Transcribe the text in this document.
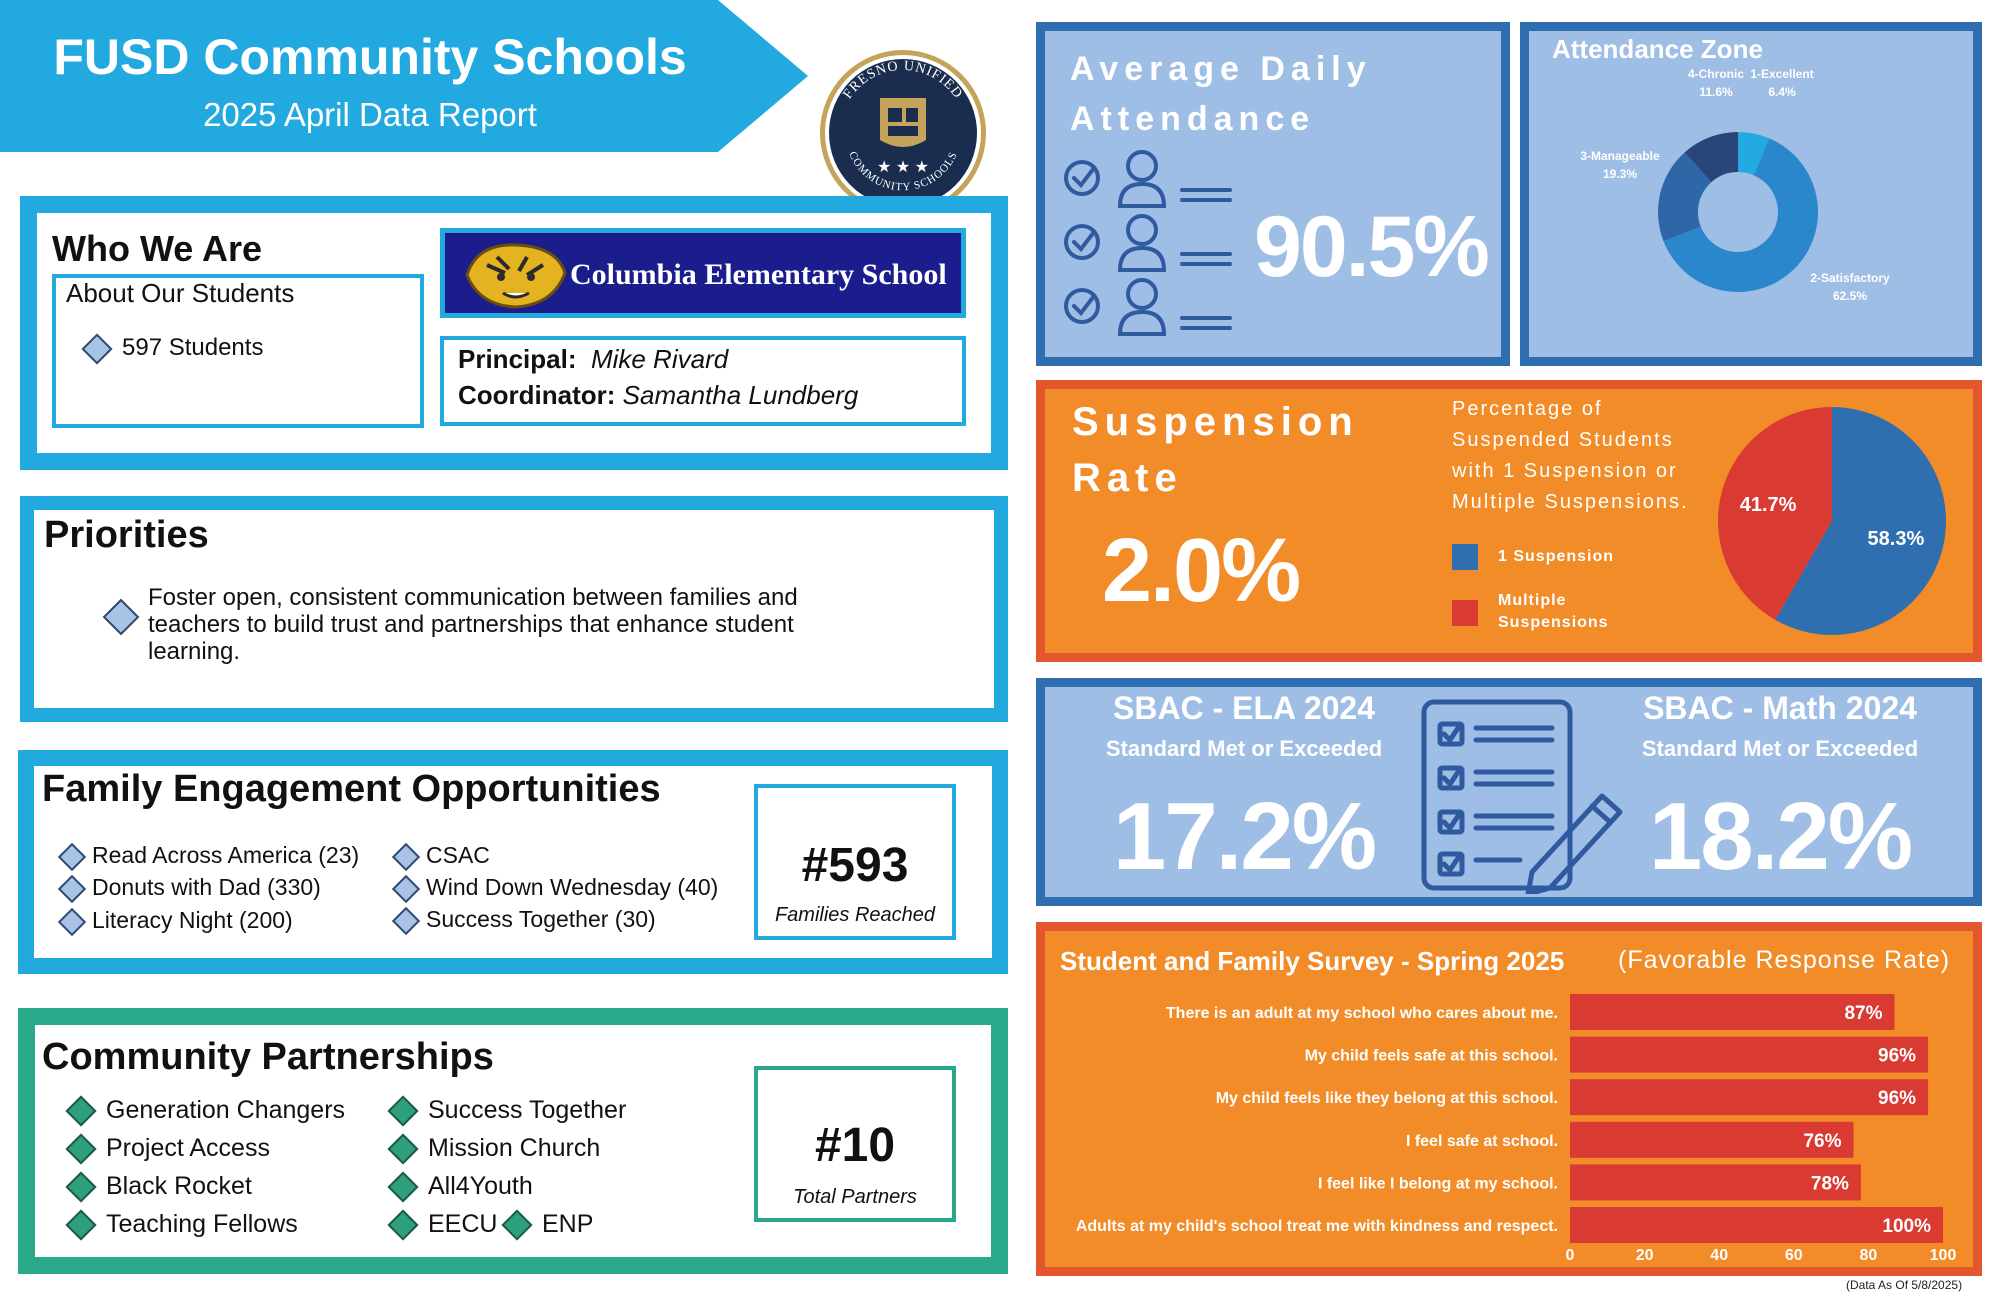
FUSD Community Schools
2025 April Data Report
FRESNO UNIFIED
COMMUNITY SCHOOLS
★ ★ ★
Who We Are
About Our Students
597 Students
Columbia Elementary School
Principal: Mike Rivard
Coordinator: Samantha Lundberg
Priorities
Foster open, consistent communication between families and teachers to build trust and partnerships that enhance student learning.
Family Engagement Opportunities
Read Across America (23)
Donuts with Dad (330)
Literacy Night (200)
CSAC
Wind Down Wednesday (40)
Success Together (30)
#593
Families Reached
Community Partnerships
Generation Changers
Project Access
Black Rocket
Teaching Fellows
Success Together
Mission Church
All4Youth
EECU	ENP
#10
Total Partners
Average Daily
Attendance
90.5%
Attendance Zone
1-Excellent
6.4%
2-Satisfactory
62.5%
3-Manageable
19.3%
4-Chronic
11.6%
Suspension
Rate
2.0%
Percentage of Suspended Students with 1 Suspension or Multiple Suspensions.
1 Suspension
Multiple Suspensions
58.3%
41.7%
SBAC - ELA 2024
Standard Met or Exceeded
17.2%
SBAC - Math 2024
Standard Met or Exceeded
18.2%
Student and Family Survey - Spring 2025 (Favorable Response Rate)
There is an adult at my school who cares about me.	87%
My child feels safe at this school.	96%
My child feels like they belong at this school.	96%
I feel safe at school.	76%
I feel like I belong at my school.	78%
Adults at my child's school treat me with kindness and respect.	100%
0	20	40	60	80	100
(Data As Of 5/8/2025)
